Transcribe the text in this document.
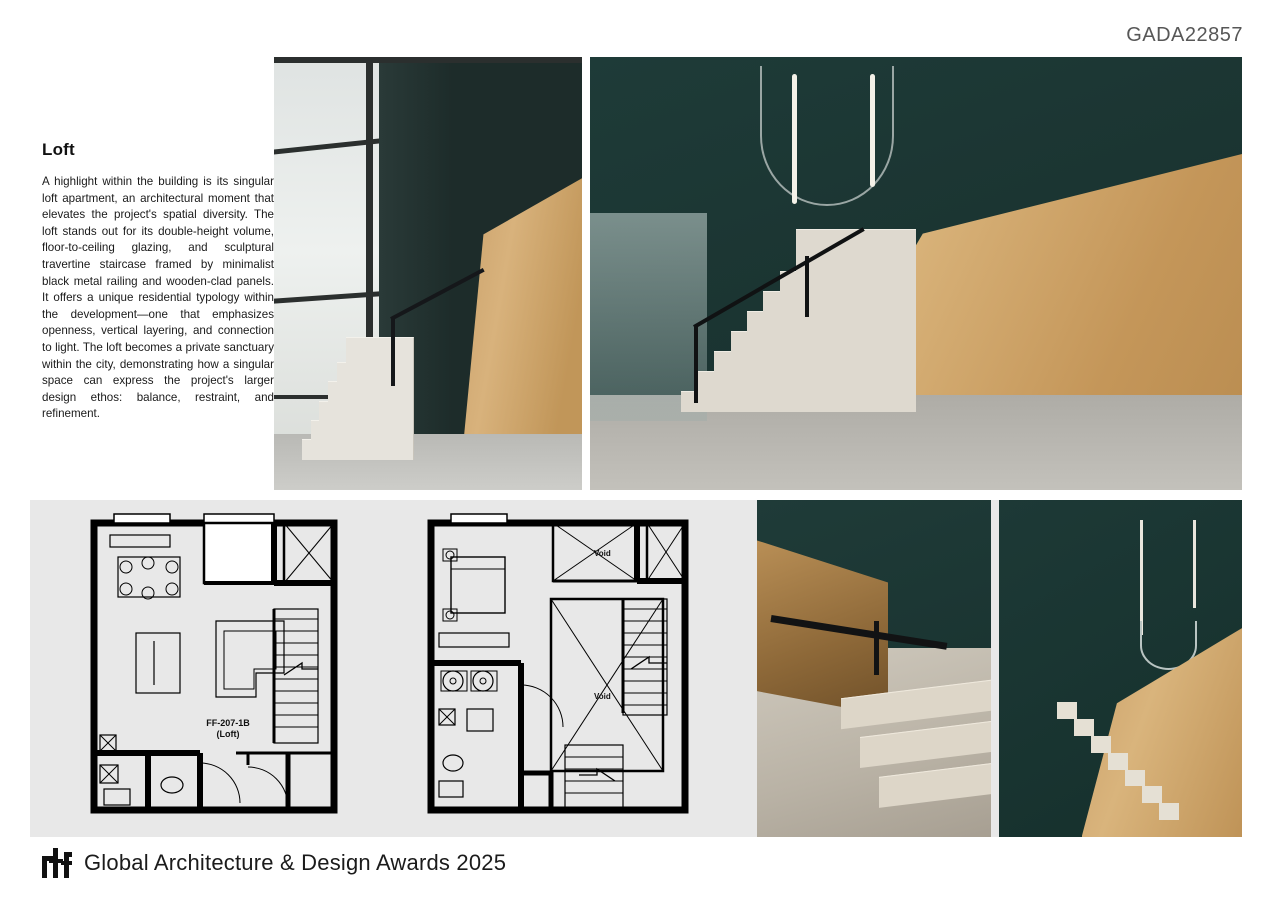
GADA22857
Loft

A highlight within the building is its singular loft apartment, an architectural moment that elevates the project's spatial diversity. The loft stands out for its double-height volume, floor-to-ceiling glazing, and sculptural travertine staircase framed by minimalist black metal railing and wooden-clad panels. It offers a unique residential typology within the development—one that emphasizes openness, vertical layering, and connection to light. The loft becomes a private sanctuary within the city, demonstrating how a singular space can express the project's larger design ethos: balance, restraint, and refinement.

FF-207-1B
(Loft)
Void
Void
Global Architecture & Design Awards 2025
